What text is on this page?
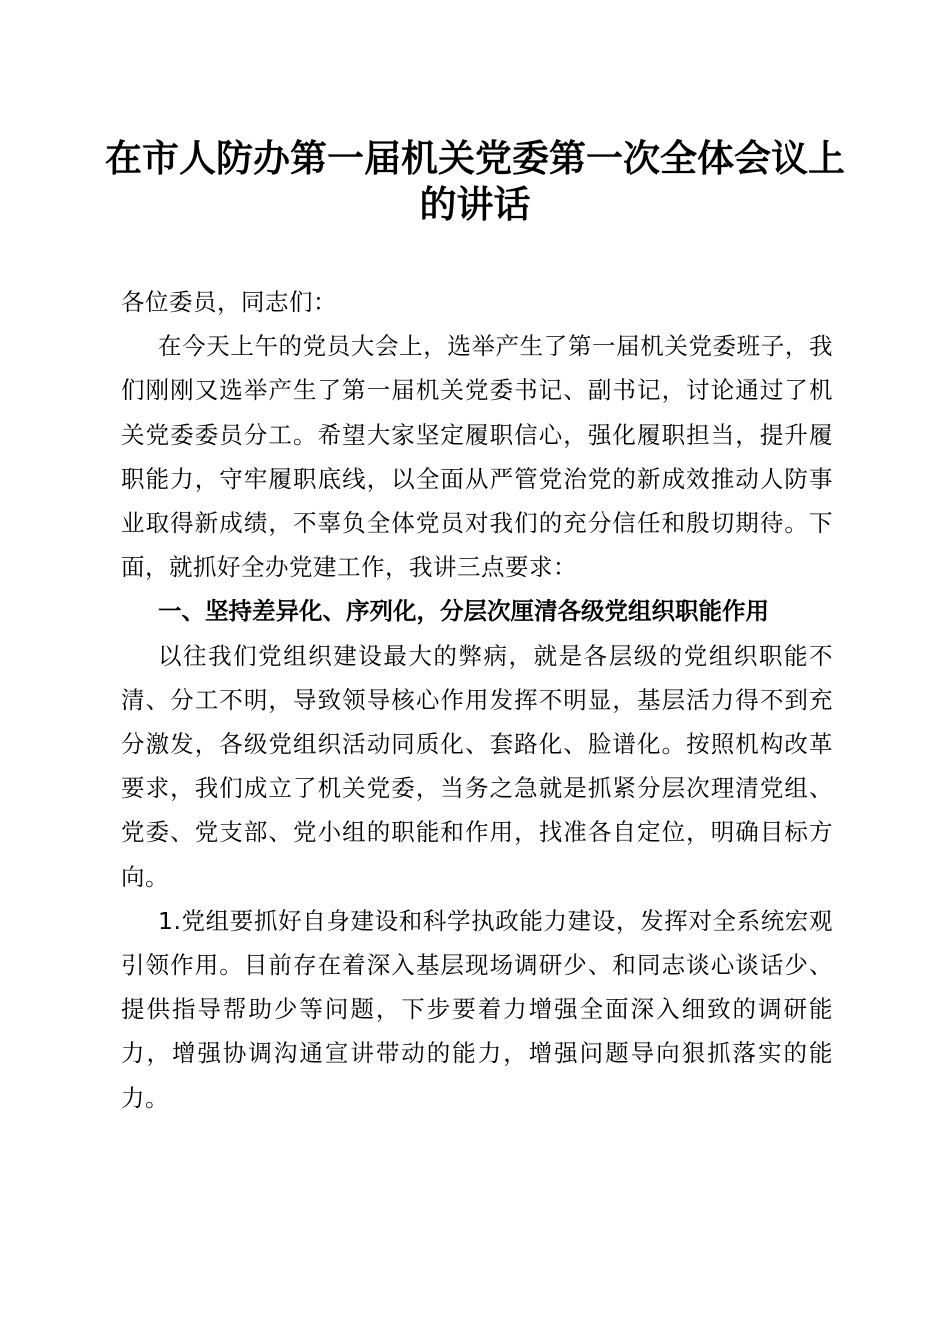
在市人防办第一届机关党委第一次全体会议上
的讲话

各位委员，同志们：

在今天上午的党员大会上，选举产生了第一届机关党委班子，我们刚刚又选举产生了第一届机关党委书记、副书记，讨论通过了机关党委委员分工。希望大家坚定履职信心，强化履职担当，提升履职能力，守牢履职底线，以全面从严管党治党的新成效推动人防事业取得新成绩，不辜负全体党员对我们的充分信任和殷切期待。下面，就抓好全办党建工作，我讲三点要求：

一、坚持差异化、序列化，分层次厘清各级党组织职能作用

以往我们党组织建设最大的弊病，就是各层级的党组织职能不清、分工不明，导致领导核心作用发挥不明显，基层活力得不到充分激发，各级党组织活动同质化、套路化、脸谱化。按照机构改革要求，我们成立了机关党委，当务之急就是抓紧分层次理清党组、党委、党支部、党小组的职能和作用，找准各自定位，明确目标方向。

1.党组要抓好自身建设和科学执政能力建设，发挥对全系统宏观引领作用。目前存在着深入基层现场调研少、和同志谈心谈话少、提供指导帮助少等问题，下步要着力增强全面深入细致的调研能力，增强协调沟通宣讲带动的能力，增强问题导向狠抓落实的能力。
